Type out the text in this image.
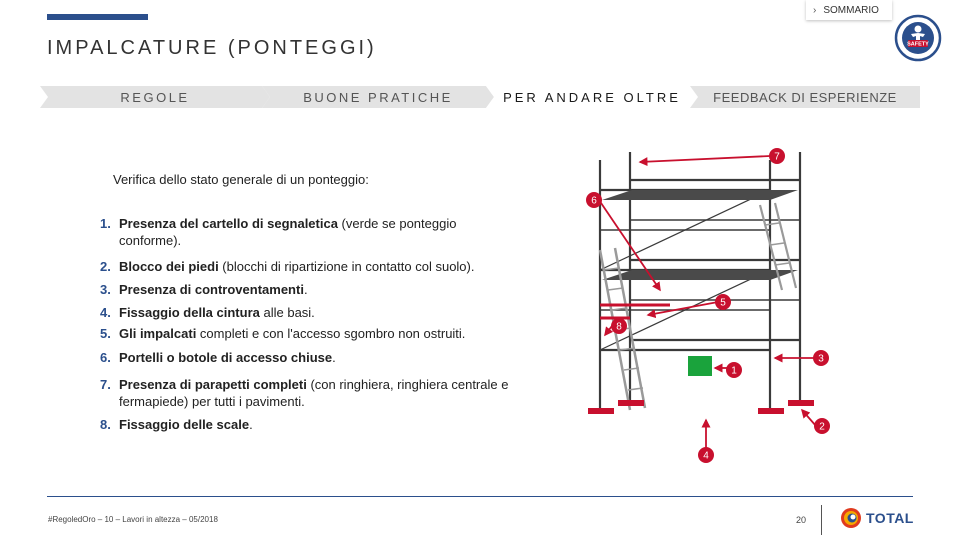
› SOMMARIO
IMPALCATURE (PONTEGGI)	SAFETY
REGOLE	BUONE PRATICHE	PER ANDARE OLTRE FEEDBACK DI ESPERIENZE

Verifica dello stato generale di un ponteggio:

1. Presenza del cartello di segnaletica (verde se ponteggio conforme).
2. Blocco dei piedi (blocchi di ripartizione in contatto col suolo).
3. Presenza di controventamenti.
4. Fissaggio della cintura alle basi.
5. Gli impalcati completi e con l'accesso sgombro non ostruiti.
6. Portelli o botole di accesso chiuse.
7. Presenza di parapetti completi (con ringhiera, ringhiera centrale e fermapiede) per tutti i pavimenti.
8. Fissaggio delle scale.
7
6
5
8
3
1
2
4
#RegoledOro – 10 – Lavori in altezza – 05/2018	20	TOTAL
